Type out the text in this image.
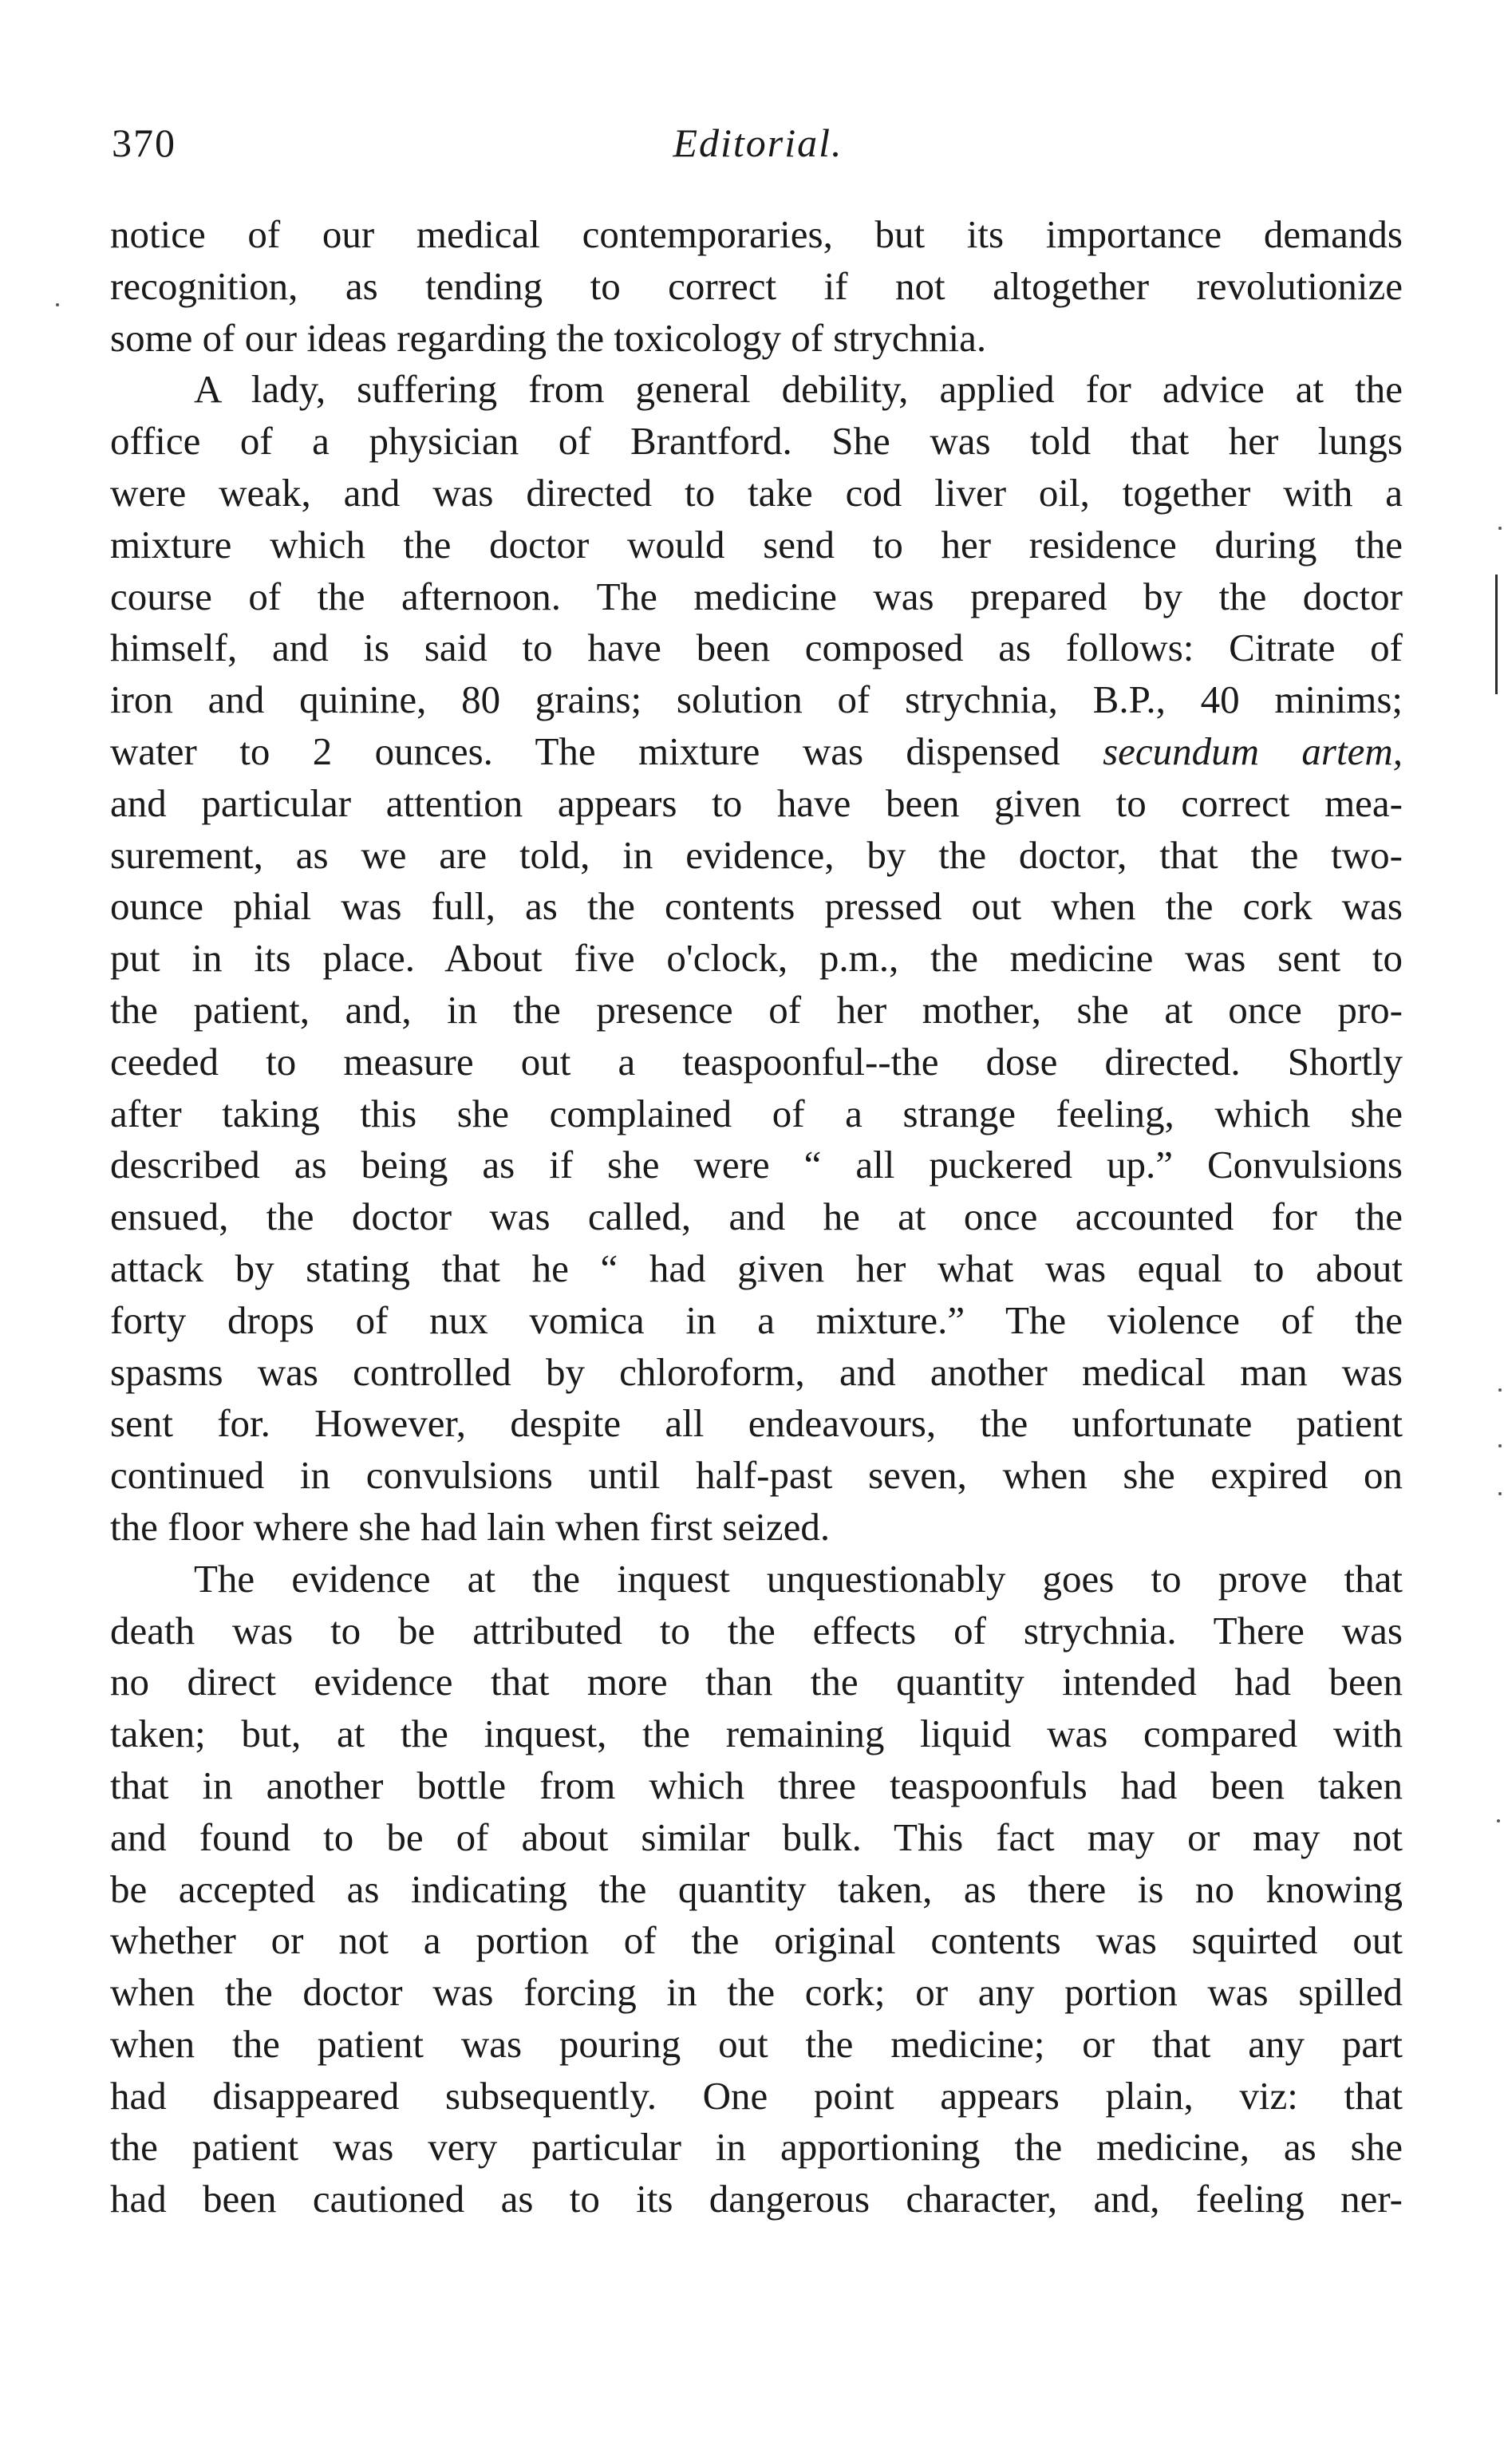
370	Editorial.
notice of our medical contemporaries, but its importance demands
recognition, as tending to correct if not altogether revolutionize
some of our ideas regarding the toxicology of strychnia.
A lady, suffering from general debility, applied for advice at the
office of a physician of Brantford. She was told that her lungs
were weak, and was directed to take cod liver oil, together with a
mixture which the doctor would send to her residence during the
course of the afternoon. The medicine was prepared by the doctor
himself, and is said to have been composed as follows: Citrate of
iron and quinine, 80 grains; solution of strychnia, B.P., 40 minims;
water to 2 ounces. The mixture was dispensed secundum artem,
and particular attention appears to have been given to correct mea-
surement, as we are told, in evidence, by the doctor, that the two-
ounce phial was full, as the contents pressed out when the cork was
put in its place. About five o'clock, p.m., the medicine was sent to
the patient, and, in the presence of her mother, she at once pro-
ceeded to measure out a teaspoonful--the dose directed. Shortly
after taking this she complained of a strange feeling, which she
described as being as if she were “ all puckered up.” Convulsions
ensued, the doctor was called, and he at once accounted for the
attack by stating that he “ had given her what was equal to about
forty drops of nux vomica in a mixture.” The violence of the
spasms was controlled by chloroform, and another medical man was
sent for. However, despite all endeavours, the unfortunate patient
continued in convulsions until half-past seven, when she expired on
the floor where she had lain when first seized.
The evidence at the inquest unquestionably goes to prove that
death was to be attributed to the effects of strychnia. There was
no direct evidence that more than the quantity intended had been
taken; but, at the inquest, the remaining liquid was compared with
that in another bottle from which three teaspoonfuls had been taken
and found to be of about similar bulk. This fact may or may not
be accepted as indicating the quantity taken, as there is no knowing
whether or not a portion of the original contents was squirted out
when the doctor was forcing in the cork; or any portion was spilled
when the patient was pouring out the medicine; or that any part
had disappeared subsequently. One point appears plain, viz: that
the patient was very particular in apportioning the medicine, as she
had been cautioned as to its dangerous character, and, feeling ner-
